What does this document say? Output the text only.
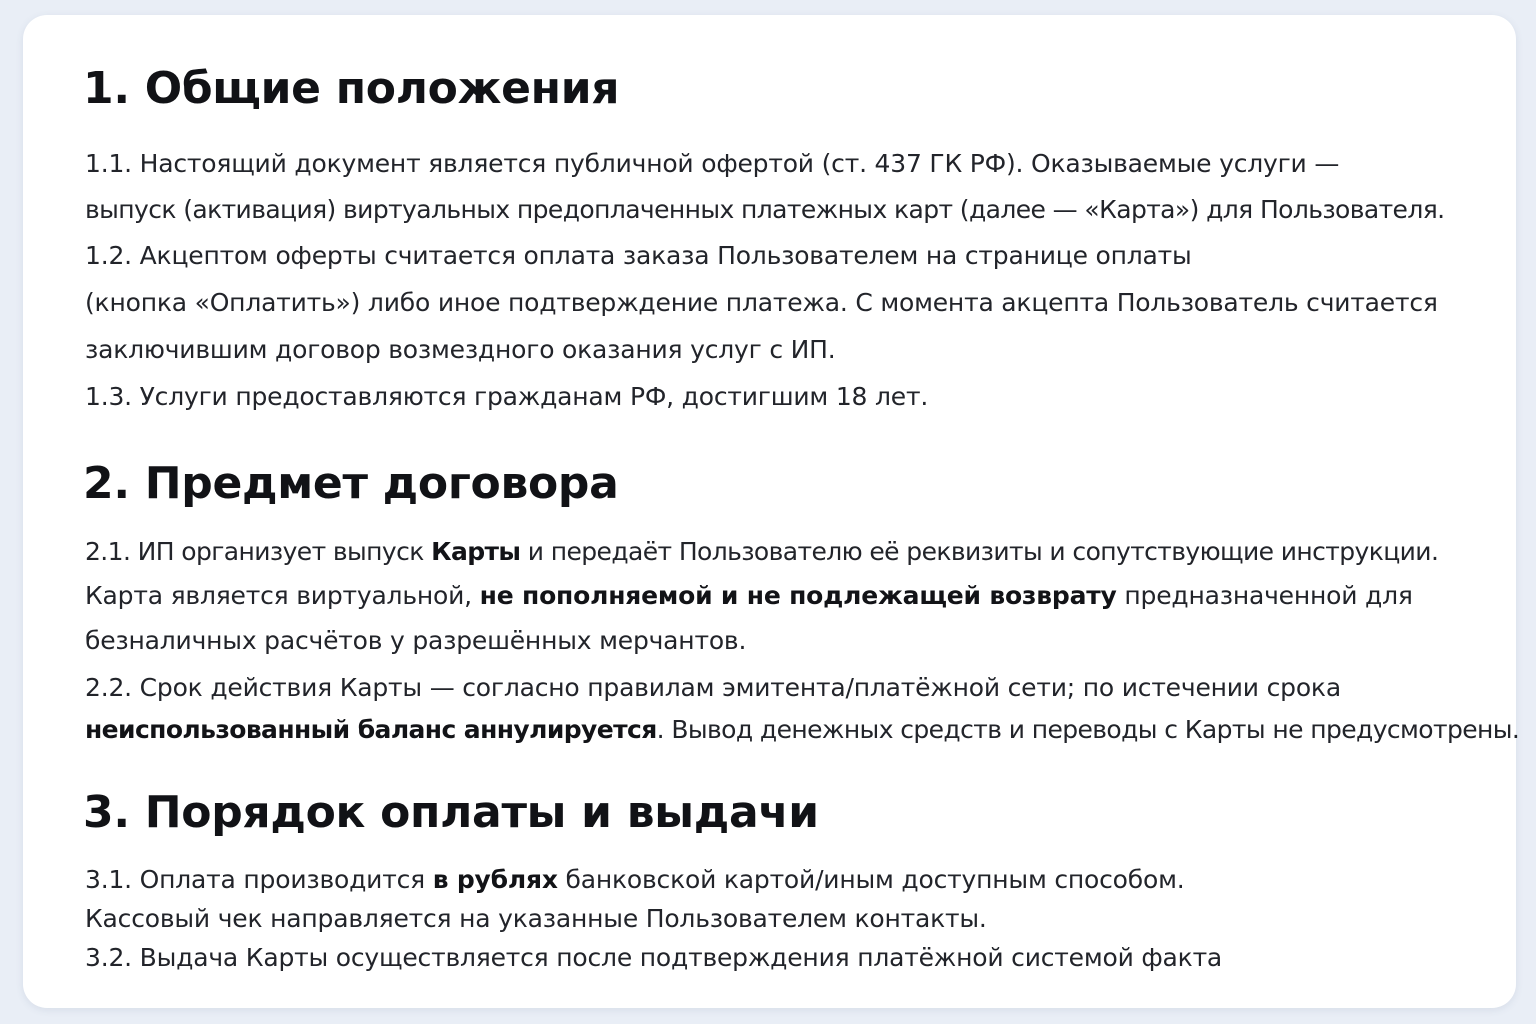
1. Общие положения

1.1. Настоящий документ является публичной офертой (ст. 437 ГК РФ). Оказываемые услуги —

выпуск (активация) виртуальных предоплаченных платежных карт (далее — «Карта») для Пользователя.

1.2. Акцептом оферты считается оплата заказа Пользователем на странице оплаты

(кнопка «Оплатить») либо иное подтверждение платежа. С момента акцепта Пользователь считается

заключившим договор возмездного оказания услуг с ИП.

1.3. Услуги предоставляются гражданам РФ, достигшим 18 лет.

2. Предмет договора

2.1. ИП организует выпуск Карты и передаёт Пользователю её реквизиты и сопутствующие инструкции.

Карта является виртуальной, не пополняемой и не подлежащей возврату предназначенной для

безналичных расчётов у разрешённых мерчантов.

2.2. Срок действия Карты — согласно правилам эмитента/платёжной сети; по истечении срока

неиспользованный баланс аннулируется. Вывод денежных средств и переводы с Карты не предусмотрены.

3. Порядок оплаты и выдачи

3.1. Оплата производится в рублях банковской картой/иным доступным способом.

Кассовый чек направляется на указанные Пользователем контакты.

3.2. Выдача Карты осуществляется после подтверждения платёжной системой факта
